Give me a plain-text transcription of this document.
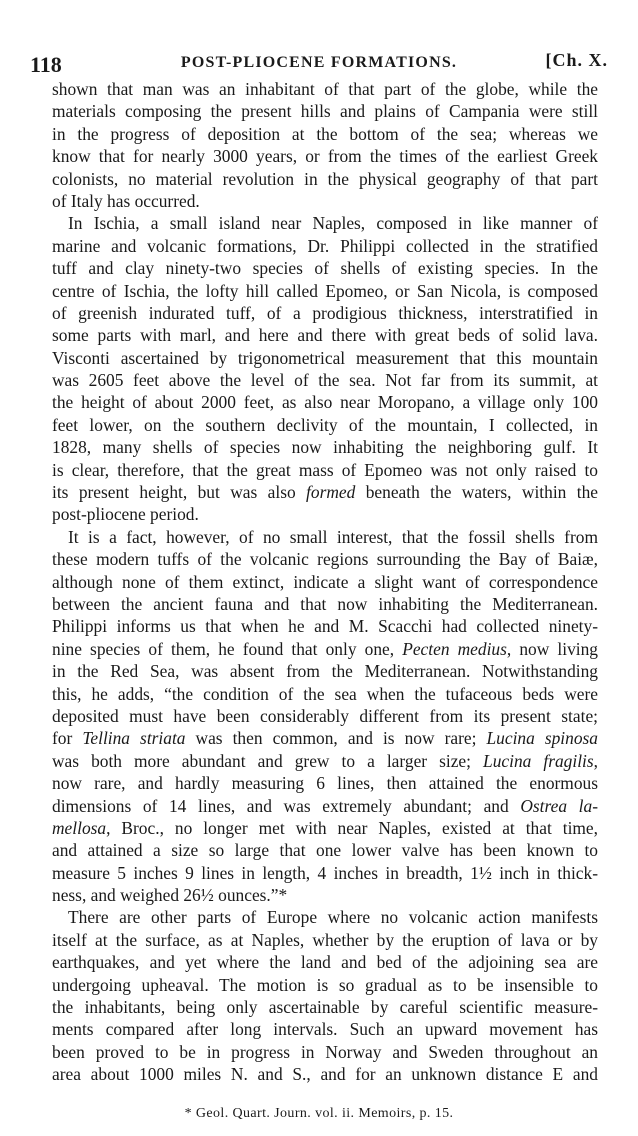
118	POST-PLIOCENE FORMATIONS.	[Ch. X.

shown that man was an inhabitant of that part of the globe, while the
materials composing the present hills and plains of Campania were still
in the progress of deposition at the bottom of the sea; whereas we
know that for nearly 3000 years, or from the times of the earliest Greek
colonists, no material revolution in the physical geography of that part
of Italy has occurred.

In Ischia, a small island near Naples, composed in like manner of
marine and volcanic formations, Dr. Philippi collected in the stratified
tuff and clay ninety-two species of shells of existing species. In the
centre of Ischia, the lofty hill called Epomeo, or San Nicola, is composed
of greenish indurated tuff, of a prodigious thickness, interstratified in
some parts with marl, and here and there with great beds of solid lava.
Visconti ascertained by trigonometrical measurement that this mountain
was 2605 feet above the level of the sea. Not far from its summit, at
the height of about 2000 feet, as also near Moropano, a village only 100
feet lower, on the southern declivity of the mountain, I collected, in
1828, many shells of species now inhabiting the neighboring gulf. It
is clear, therefore, that the great mass of Epomeo was not only raised to
its present height, but was also formed beneath the waters, within the
post-pliocene period.

It is a fact, however, of no small interest, that the fossil shells from
these modern tuffs of the volcanic regions surrounding the Bay of Baiæ,
although none of them extinct, indicate a slight want of correspondence
between the ancient fauna and that now inhabiting the Mediterranean.
Philippi informs us that when he and M. Scacchi had collected ninety-
nine species of them, he found that only one, Pecten medius, now living
in the Red Sea, was absent from the Mediterranean. Notwithstanding
this, he adds, “the condition of the sea when the tufaceous beds were
deposited must have been considerably different from its present state;
for Tellina striata was then common, and is now rare; Lucina spinosa
was both more abundant and grew to a larger size; Lucina fragilis,
now rare, and hardly measuring 6 lines, then attained the enormous
dimensions of 14 lines, and was extremely abundant; and Ostrea la-
mellosa, Broc., no longer met with near Naples, existed at that time,
and attained a size so large that one lower valve has been known to
measure 5 inches 9 lines in length, 4 inches in breadth, 1½ inch in thick-
ness, and weighed 26½ ounces.”*

There are other parts of Europe where no volcanic action manifests
itself at the surface, as at Naples, whether by the eruption of lava or by
earthquakes, and yet where the land and bed of the adjoining sea are
undergoing upheaval. The motion is so gradual as to be insensible to
the inhabitants, being only ascertainable by careful scientific measure-
ments compared after long intervals. Such an upward movement has
been proved to be in progress in Norway and Sweden throughout an
area about 1000 miles N. and S., and for an unknown distance E and

* Geol. Quart. Journ. vol. ii. Memoirs, p. 15.
